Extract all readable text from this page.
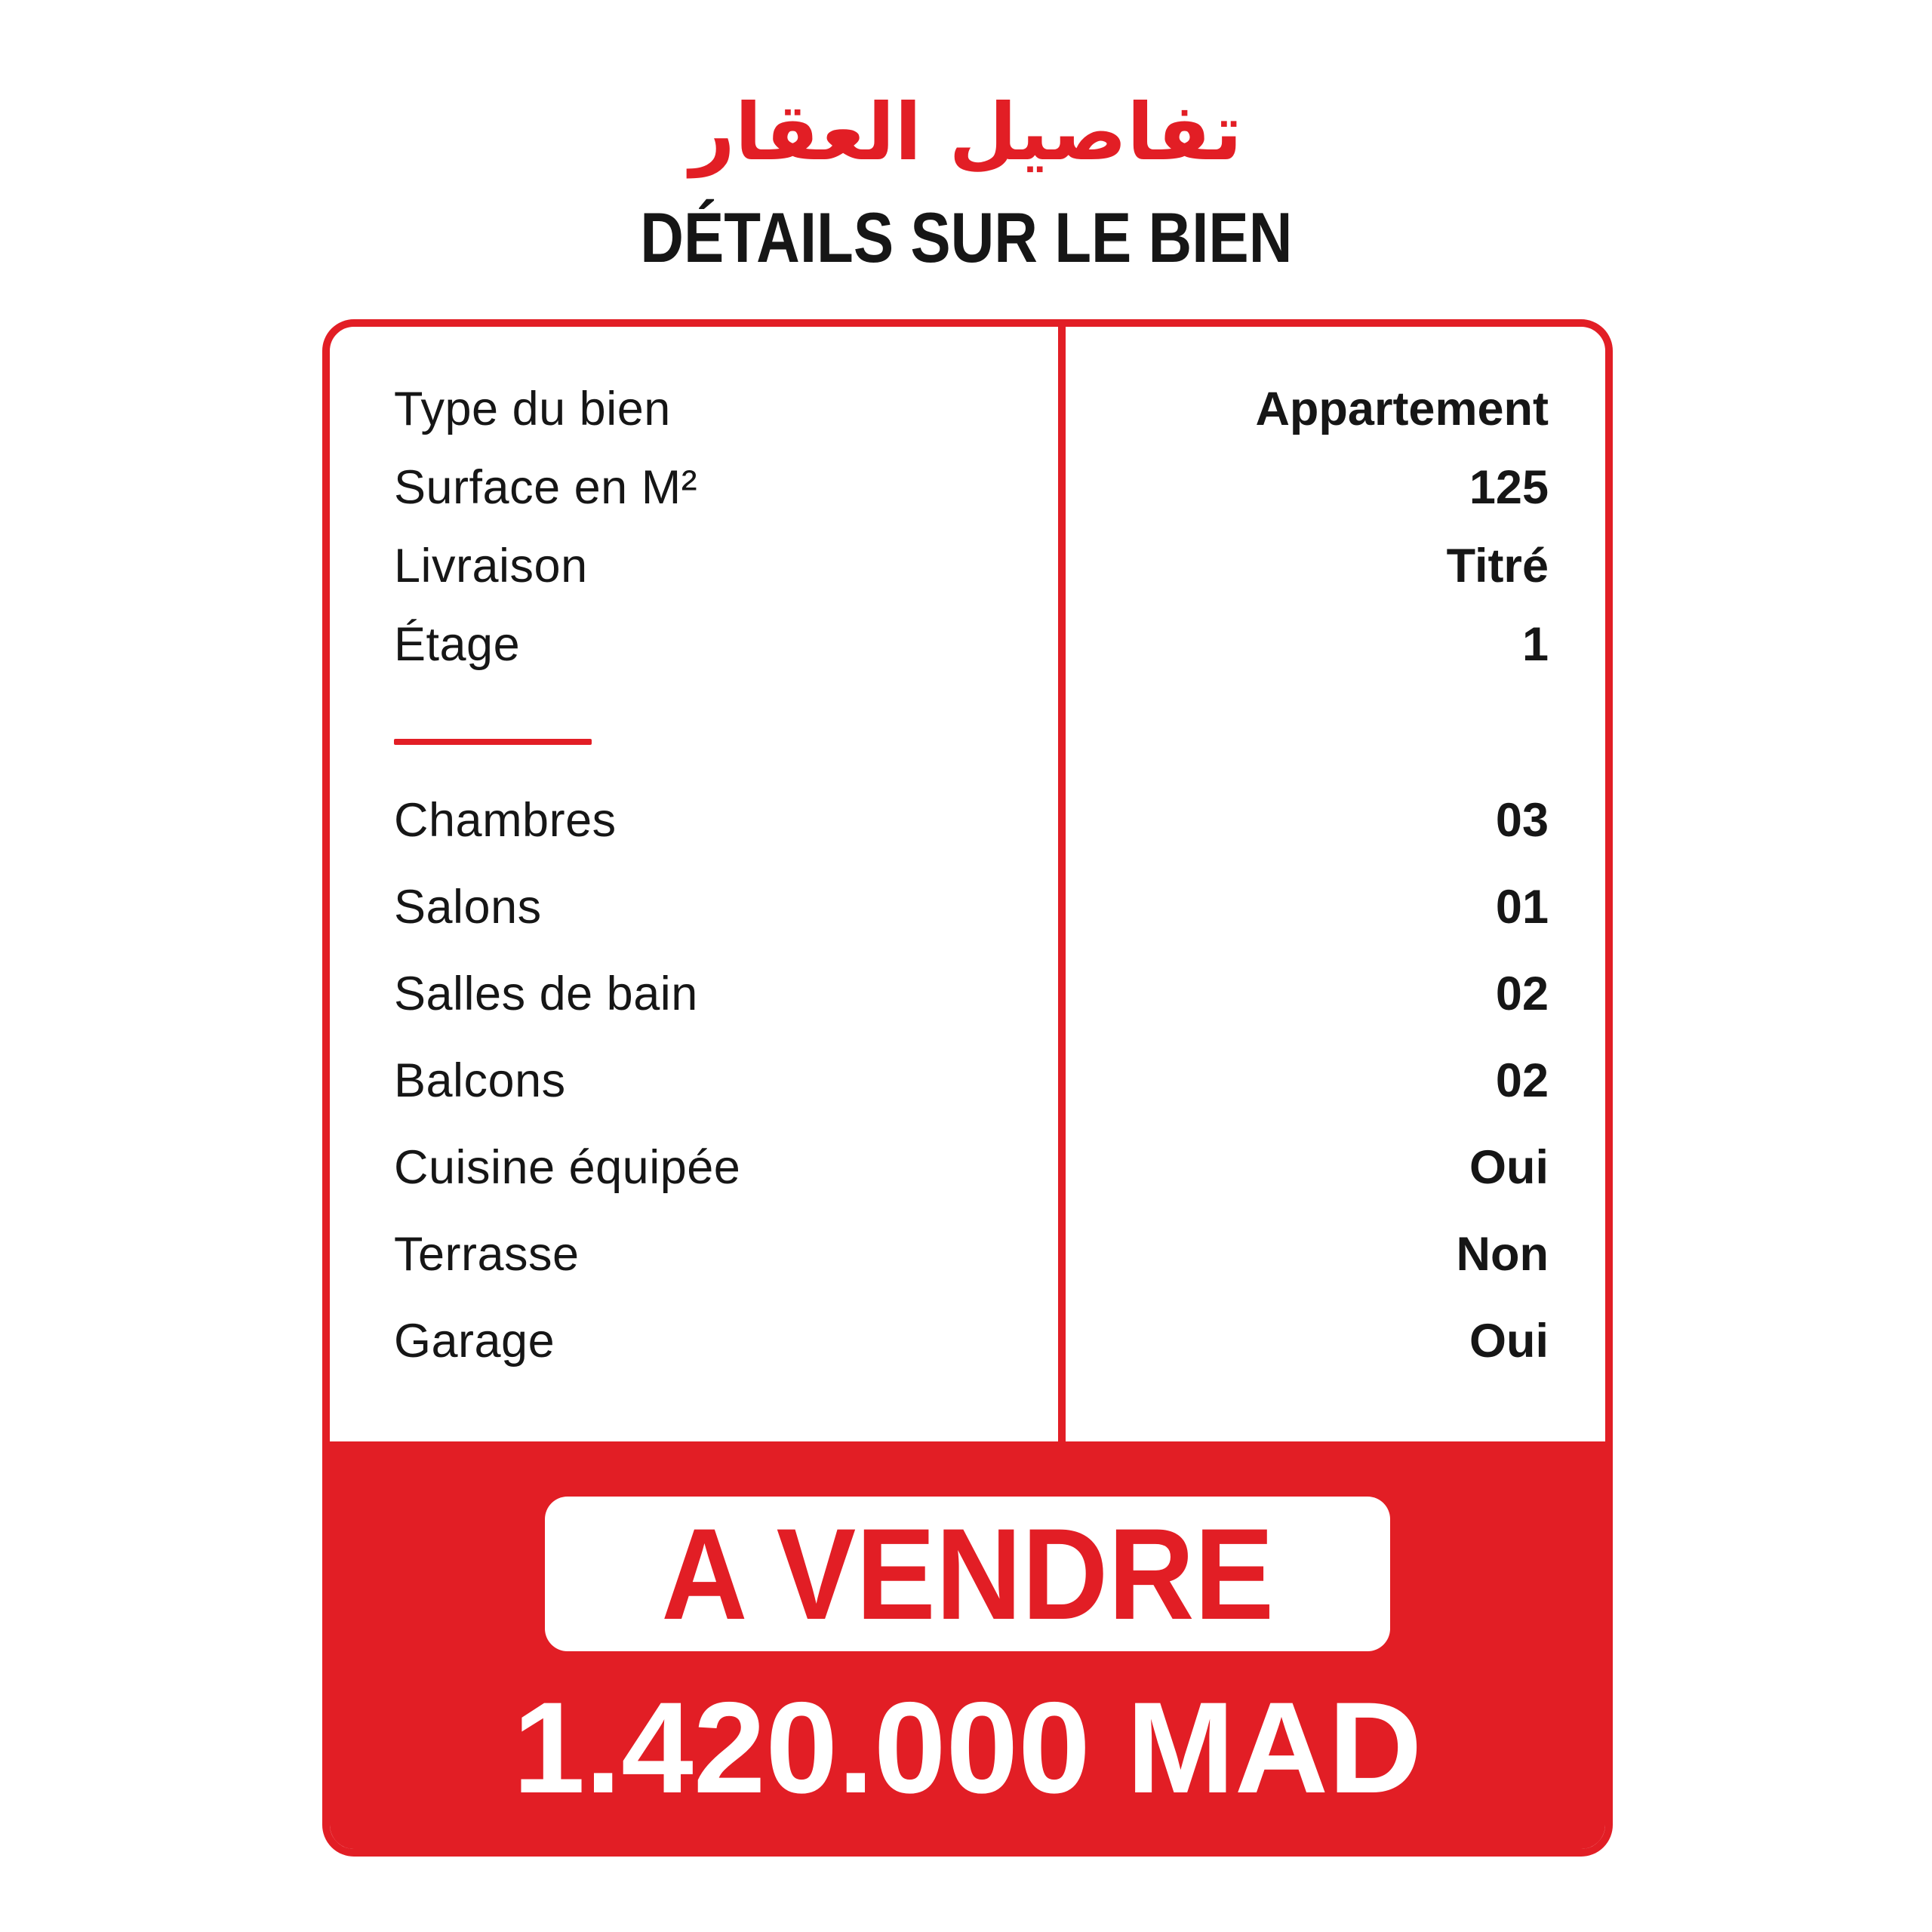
تفاصيل العقار
DÉTAILS SUR LE BIEN
Type du bien	Appartement
Surface en M²	125
Livraison	Titré
Étage	1
Chambres	03
Salons	01
Salles de bain	02
Balcons	02
Cuisine équipée	Oui
Terrasse	Non
Garage	Oui
A VENDRE
1.420.000 MAD
